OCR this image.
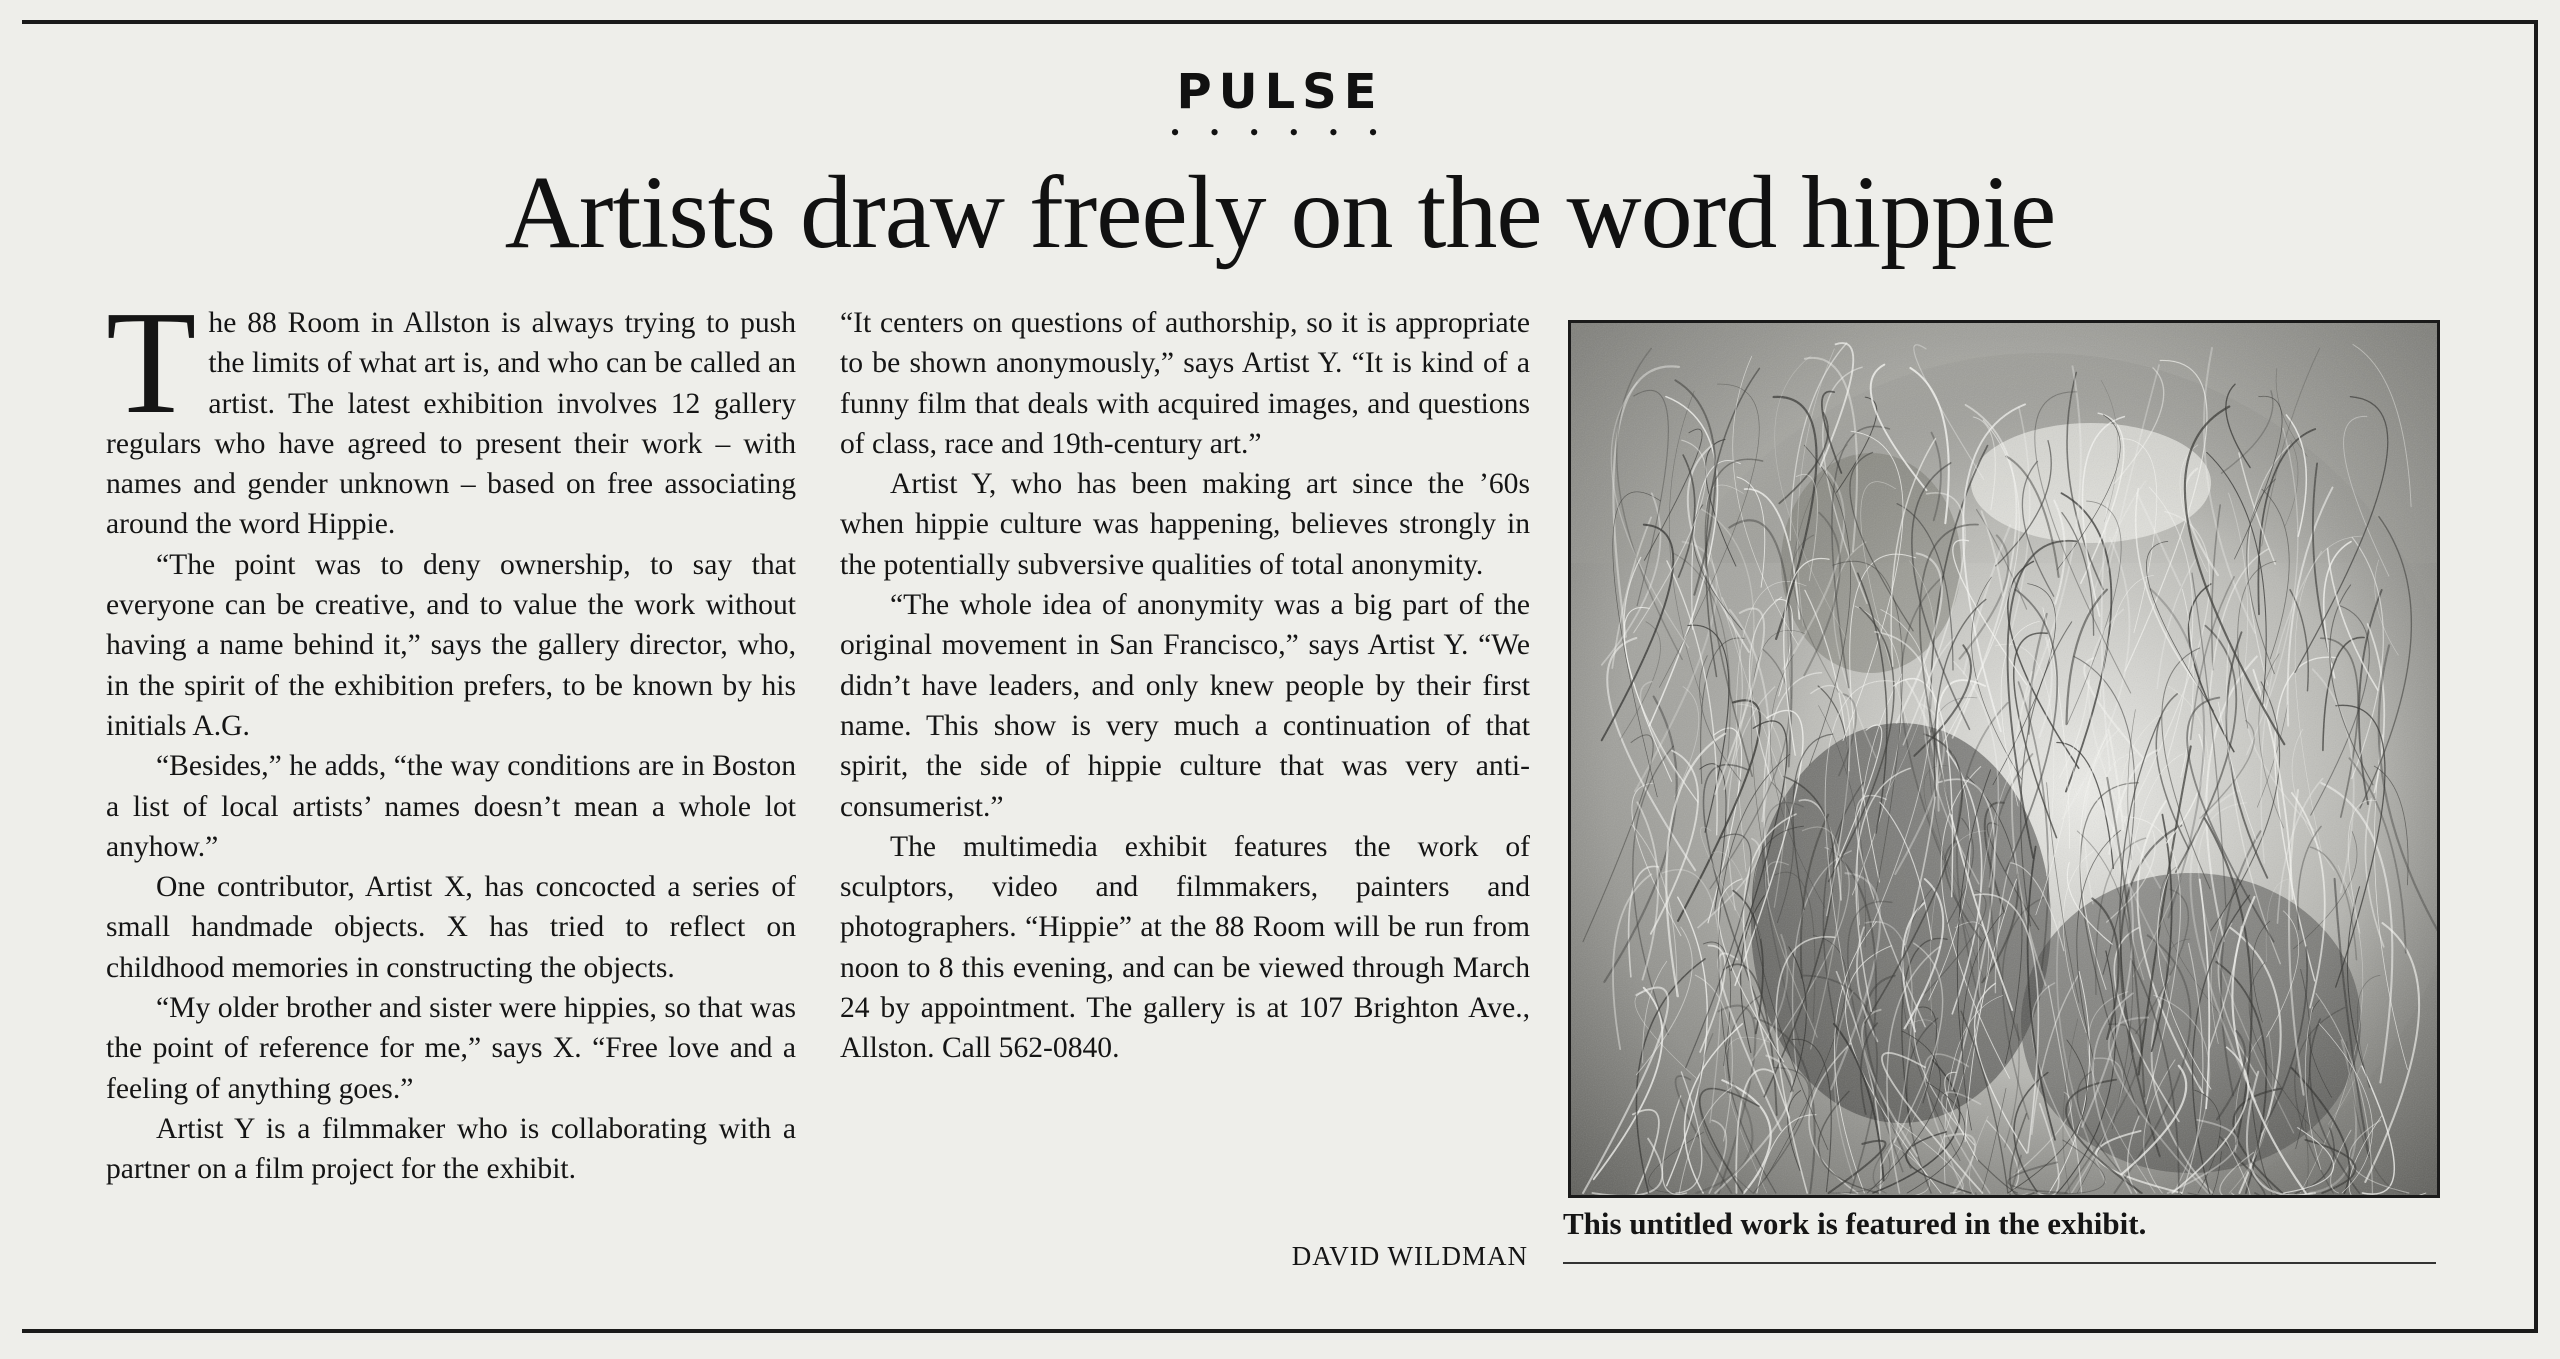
PULSE
• • • • • •
Artists draw freely on the word hippie

The 88 Room in Allston is always trying to push the limits of what art is, and who can be called an artist. The latest exhibition involves 12 gallery regulars who have agreed to present their work – with names and gender unknown – based on free associating around the word Hippie.

“The point was to deny ownership, to say that everyone can be creative, and to value the work without having a name behind it,” says the gallery director, who, in the spirit of the exhibition prefers, to be known by his initials A.G.

“Besides,” he adds, “the way conditions are in Boston a list of local artists’ names doesn’t mean a whole lot anyhow.”

One contributor, Artist X, has concocted a series of small handmade objects. X has tried to reflect on childhood memories in constructing the objects.

“My older brother and sister were hippies, so that was the point of reference for me,” says X. “Free love and a feeling of anything goes.”

Artist Y is a filmmaker who is collaborating with a partner on a film project for the exhibit.

“It centers on questions of authorship, so it is appropriate to be shown anonymously,” says Artist Y. “It is kind of a funny film that deals with acquired images, and questions of class, race and 19th-century art.”

Artist Y, who has been making art since the ’60s when hippie culture was happening, believes strongly in the potentially subversive qualities of total anonymity.

“The whole idea of anonymity was a big part of the original movement in San Francisco,” says Artist Y. “We didn’t have leaders, and only knew people by their first name. This show is very much a continuation of that spirit, the side of hippie culture that was very anti-consumerist.”

The multimedia exhibit features the work of sculptors, video and filmmakers, painters and photographers. “Hippie” at the 88 Room will be run from noon to 8 this evening, and can be viewed through March 24 by appointment. The gallery is at 107 Brighton Ave., Allston. Call 562-0840.

DAVID WILDMAN
This untitled work is featured in the exhibit.
